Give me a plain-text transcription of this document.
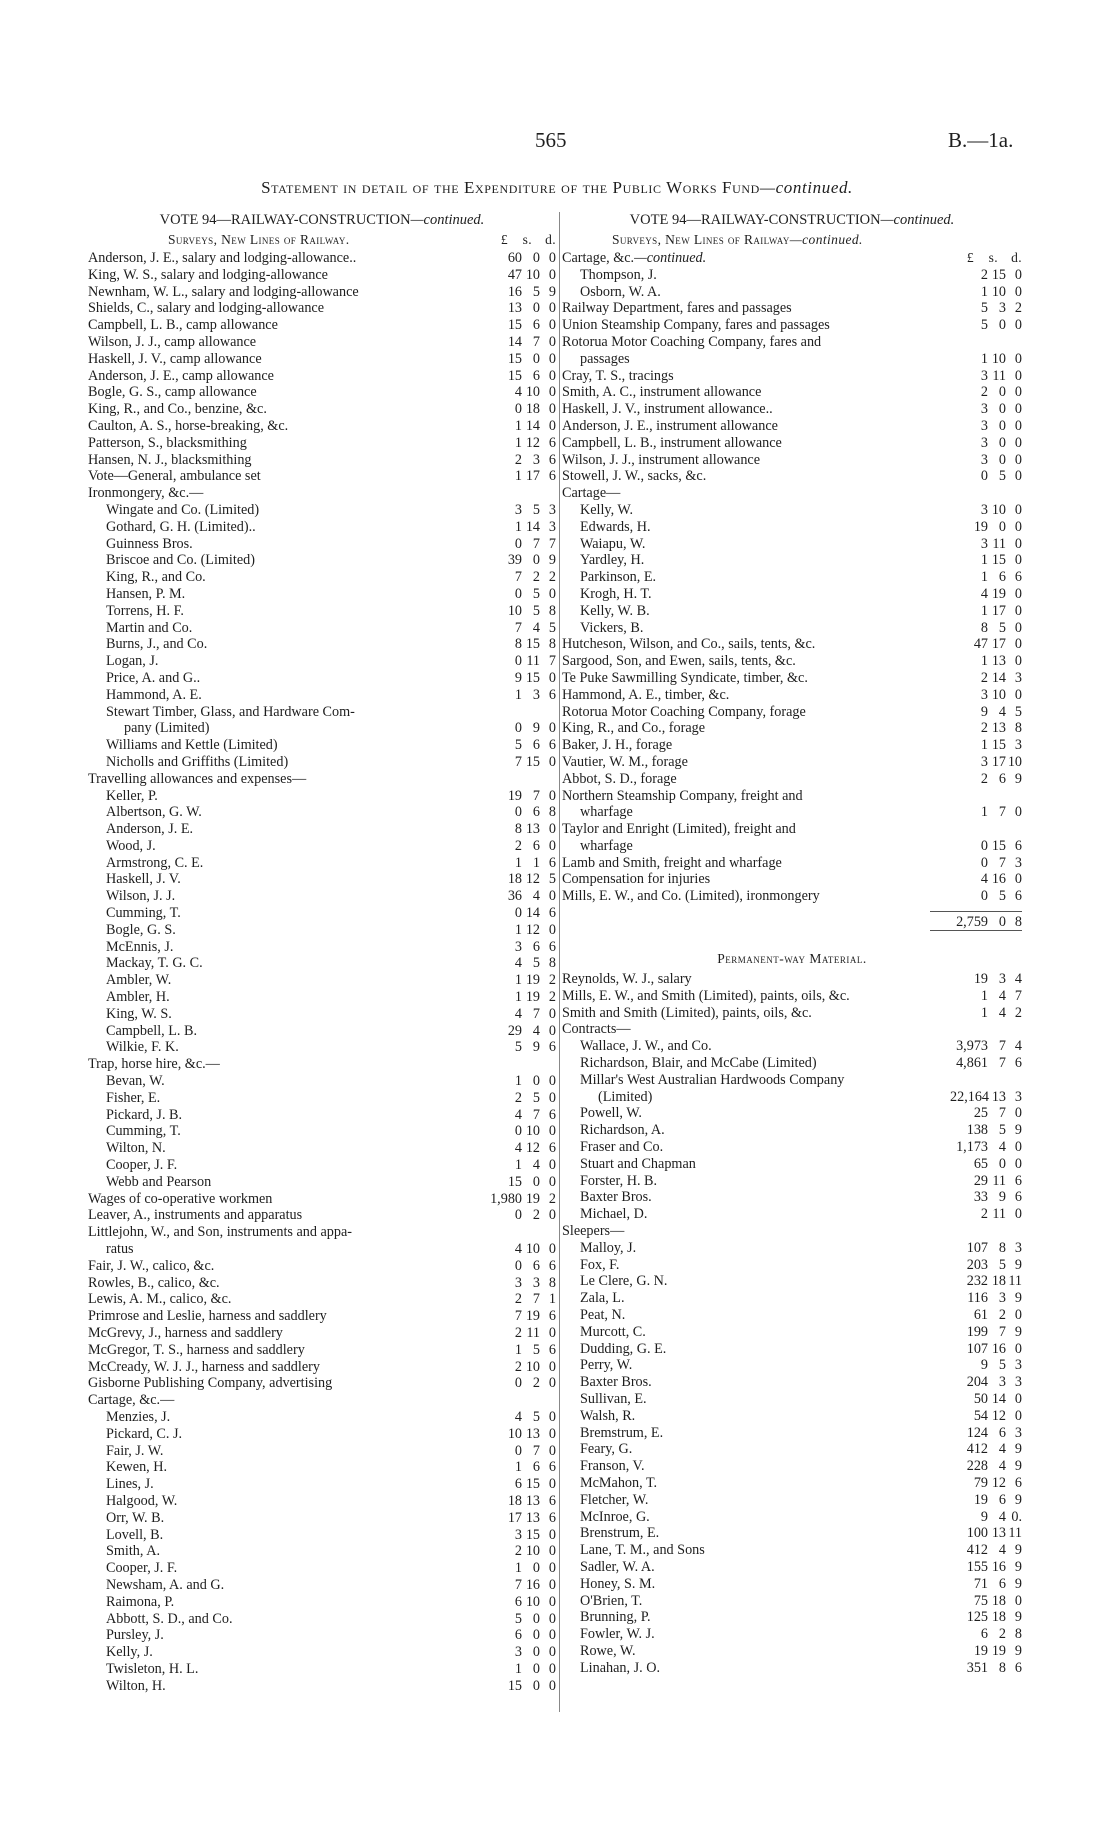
565	B.—1a.
Statement in detail of the Expenditure of the Public Works Fund—continued.
VOTE 94—RAILWAY-CONSTRUCTION—continued.
Surveys, New Lines of Railway.	£	s. d.
Anderson, J. E., salary and lodging-allowance..	60 0 0
King, W. S., salary and lodging-allowance	47 10 0
Newnham, W. L., salary and lodging-allowance	16 5 9
Shields, C., salary and lodging-allowance	13 0 0
Campbell, L. B., camp allowance	15 6 0
Wilson, J. J., camp allowance	14 7 0
Haskell, J. V., camp allowance	15 0 0
Anderson, J. E., camp allowance	15 6 0
Bogle, G. S., camp allowance	4 10 0
King, R., and Co., benzine, &c.	0 18 0
Caulton, A. S., horse-breaking, &c.	1 14 0
Patterson, S., blacksmithing	1 12 6
Hansen, N. J., blacksmithing	2 3 6
Vote—General, ambulance set	1 17 6
Ironmongery, &c.—
Wingate and Co. (Limited)	3 5 3
Gothard, G. H. (Limited)..	1 14 3
Guinness Bros.	0 7 7
Briscoe and Co. (Limited)	39 0 9
King, R., and Co.	7 2 2
Hansen, P. M.	0 5 0
Torrens, H. F.	10 5 8
Martin and Co.	7 4 5
Burns, J., and Co.	8 15 8
Logan, J.	0 11 7
Price, A. and G..	9 15 0
Hammond, A. E.	1 3 6
Stewart Timber, Glass, and Hardware Com-
pany (Limited)	0 9 0
Williams and Kettle (Limited)	5 6 6
Nicholls and Griffiths (Limited)	7 15 0
Travelling allowances and expenses—
Keller, P.	19 7 0
Albertson, G. W.	0 6 8
Anderson, J. E.	8 13 0
Wood, J.	2 6 0
Armstrong, C. E.	1 1 6
Haskell, J. V.	18 12 5
Wilson, J. J.	36 4 0
Cumming, T.	0 14 6
Bogle, G. S.	1 12 0
McEnnis, J.	3 6 6
Mackay, T. G. C.	4 5 8
Ambler, W.	1 19 2
Ambler, H.	1 19 2
King, W. S.	4 7 0
Campbell, L. B.	29 4 0
Wilkie, F. K.	5 9 6
Trap, horse hire, &c.—
Bevan, W.	1 0 0
Fisher, E.	2 5 0
Pickard, J. B.	4 7 6
Cumming, T.	0 10 0
Wilton, N.	4 12 6
Cooper, J. F.	1 4 0
Webb and Pearson	15 0 0
Wages of co-operative workmen	1,980 19 2
Leaver, A., instruments and apparatus	0 2 0
Littlejohn, W., and Son, instruments and appa-
ratus	4 10 0
Fair, J. W., calico, &c.	0 6 6
Rowles, B., calico, &c.	3 3 8
Lewis, A. M., calico, &c.	2 7 1
Primrose and Leslie, harness and saddlery	7 19 6
McGrevy, J., harness and saddlery	2 11 0
McGregor, T. S., harness and saddlery	1 5 6
McCready, W. J. J., harness and saddlery	2 10 0
Gisborne Publishing Company, advertising	0 2 0
Cartage, &c.—
Menzies, J.	4 5 0
Pickard, C. J.	10 13 0
Fair, J. W.	0 7 0
Kewen, H.	1 6 6
Lines, J.	6 15 0
Halgood, W.	18 13 6
Orr, W. B.	17 13 6
Lovell, B.	3 15 0
Smith, A.	2 10 0
Cooper, J. F.	1 0 0
Newsham, A. and G.	7 16 0
Raimona, P.	6 10 0
Abbott, S. D., and Co.	5 0 0
Pursley, J.	6 0 0
Kelly, J.	3 0 0
Twisleton, H. L.	1 0 0
Wilton, H.	15 0 0
VOTE 94—RAILWAY-CONSTRUCTION—continued.
Surveys, New Lines of Railway—continued.
£	s. d.
Cartage, &c.—continued.
Thompson, J.	2 15 0
Osborn, W. A.	1 10 0
Railway Department, fares and passages	5 3 2
Union Steamship Company, fares and passages	5 0 0
Rotorua Motor Coaching Company, fares and
passages	1 10 0
Cray, T. S., tracings	3 11 0
Smith, A. C., instrument allowance	2 0 0
Haskell, J. V., instrument allowance..	3 0 0
Anderson, J. E., instrument allowance	3 0 0
Campbell, L. B., instrument allowance	3 0 0
Wilson, J. J., instrument allowance	3 0 0
Stowell, J. W., sacks, &c.	0 5 0
Cartage—
Kelly, W.	3 10 0
Edwards, H.	19 0 0
Waiapu, W.	3 11 0
Yardley, H.	1 15 0
Parkinson, E.	1 6 6
Krogh, H. T.	4 19 0
Kelly, W. B.	1 17 0
Vickers, B.	8 5 0
Hutcheson, Wilson, and Co., sails, tents, &c.	47 17 0
Sargood, Son, and Ewen, sails, tents, &c.	1 13 0
Te Puke Sawmilling Syndicate, timber, &c.	2 14 3
Hammond, A. E., timber, &c.	3 10 0
Rotorua Motor Coaching Company, forage	9 4 5
King, R., and Co., forage	2 13 8
Baker, J. H., forage	1 15 3
Vautier, W. M., forage	3 17 10
Abbot, S. D., forage	2 6 9
Northern Steamship Company, freight and
wharfage	1 7 0
Taylor and Enright (Limited), freight and
wharfage	0 15 6
Lamb and Smith, freight and wharfage	0 7 3
Compensation for injuries	4 16 0
Mills, E. W., and Co. (Limited), ironmongery	0 5 6
2,759 0 8
Permanent-way Material.
Reynolds, W. J., salary	19 3 4
Mills, E. W., and Smith (Limited), paints, oils, &c.	1 4 7
Smith and Smith (Limited), paints, oils, &c.	1 4 2
Contracts—
Wallace, J. W., and Co.	3,973 7 4
Richardson, Blair, and McCabe (Limited)	4,861 7 6
Millar's West Australian Hardwoods Company
(Limited)	22,164 13 3
Powell, W.	25 7 0
Richardson, A.	138 5 9
Fraser and Co.	1,173 4 0
Stuart and Chapman	65 0 0
Forster, H. B.	29 11 6
Baxter Bros.	33 9 6
Michael, D.	2 11 0
Sleepers—
Malloy, J.	107 8 3
Fox, F.	203 5 9
Le Clere, G. N.	232 18 11
Zala, L.	116 3 9
Peat, N.	61 2 0
Murcott, C.	199 7 9
Dudding, G. E.	107 16 0
Perry, W.	9 5 3
Baxter Bros.	204 3 3
Sullivan, E.	50 14 0
Walsh, R.	54 12 0
Bremstrum, E.	124 6 3
Feary, G.	412 4 9
Franson, V.	228 4 9
McMahon, T.	79 12 6
Fletcher, W.	19 6 9
McInroe, G.	9 4 0.
Brenstrum, E.	100 13 11
Lane, T. M., and Sons	412 4 9
Sadler, W. A.	155 16 9
Honey, S. M.	71 6 9
O'Brien, T.	75 18 0
Brunning, P.	125 18 9
Fowler, W. J.	6 2 8
Rowe, W.	19 19 9
Linahan, J. O.	351 8 6
